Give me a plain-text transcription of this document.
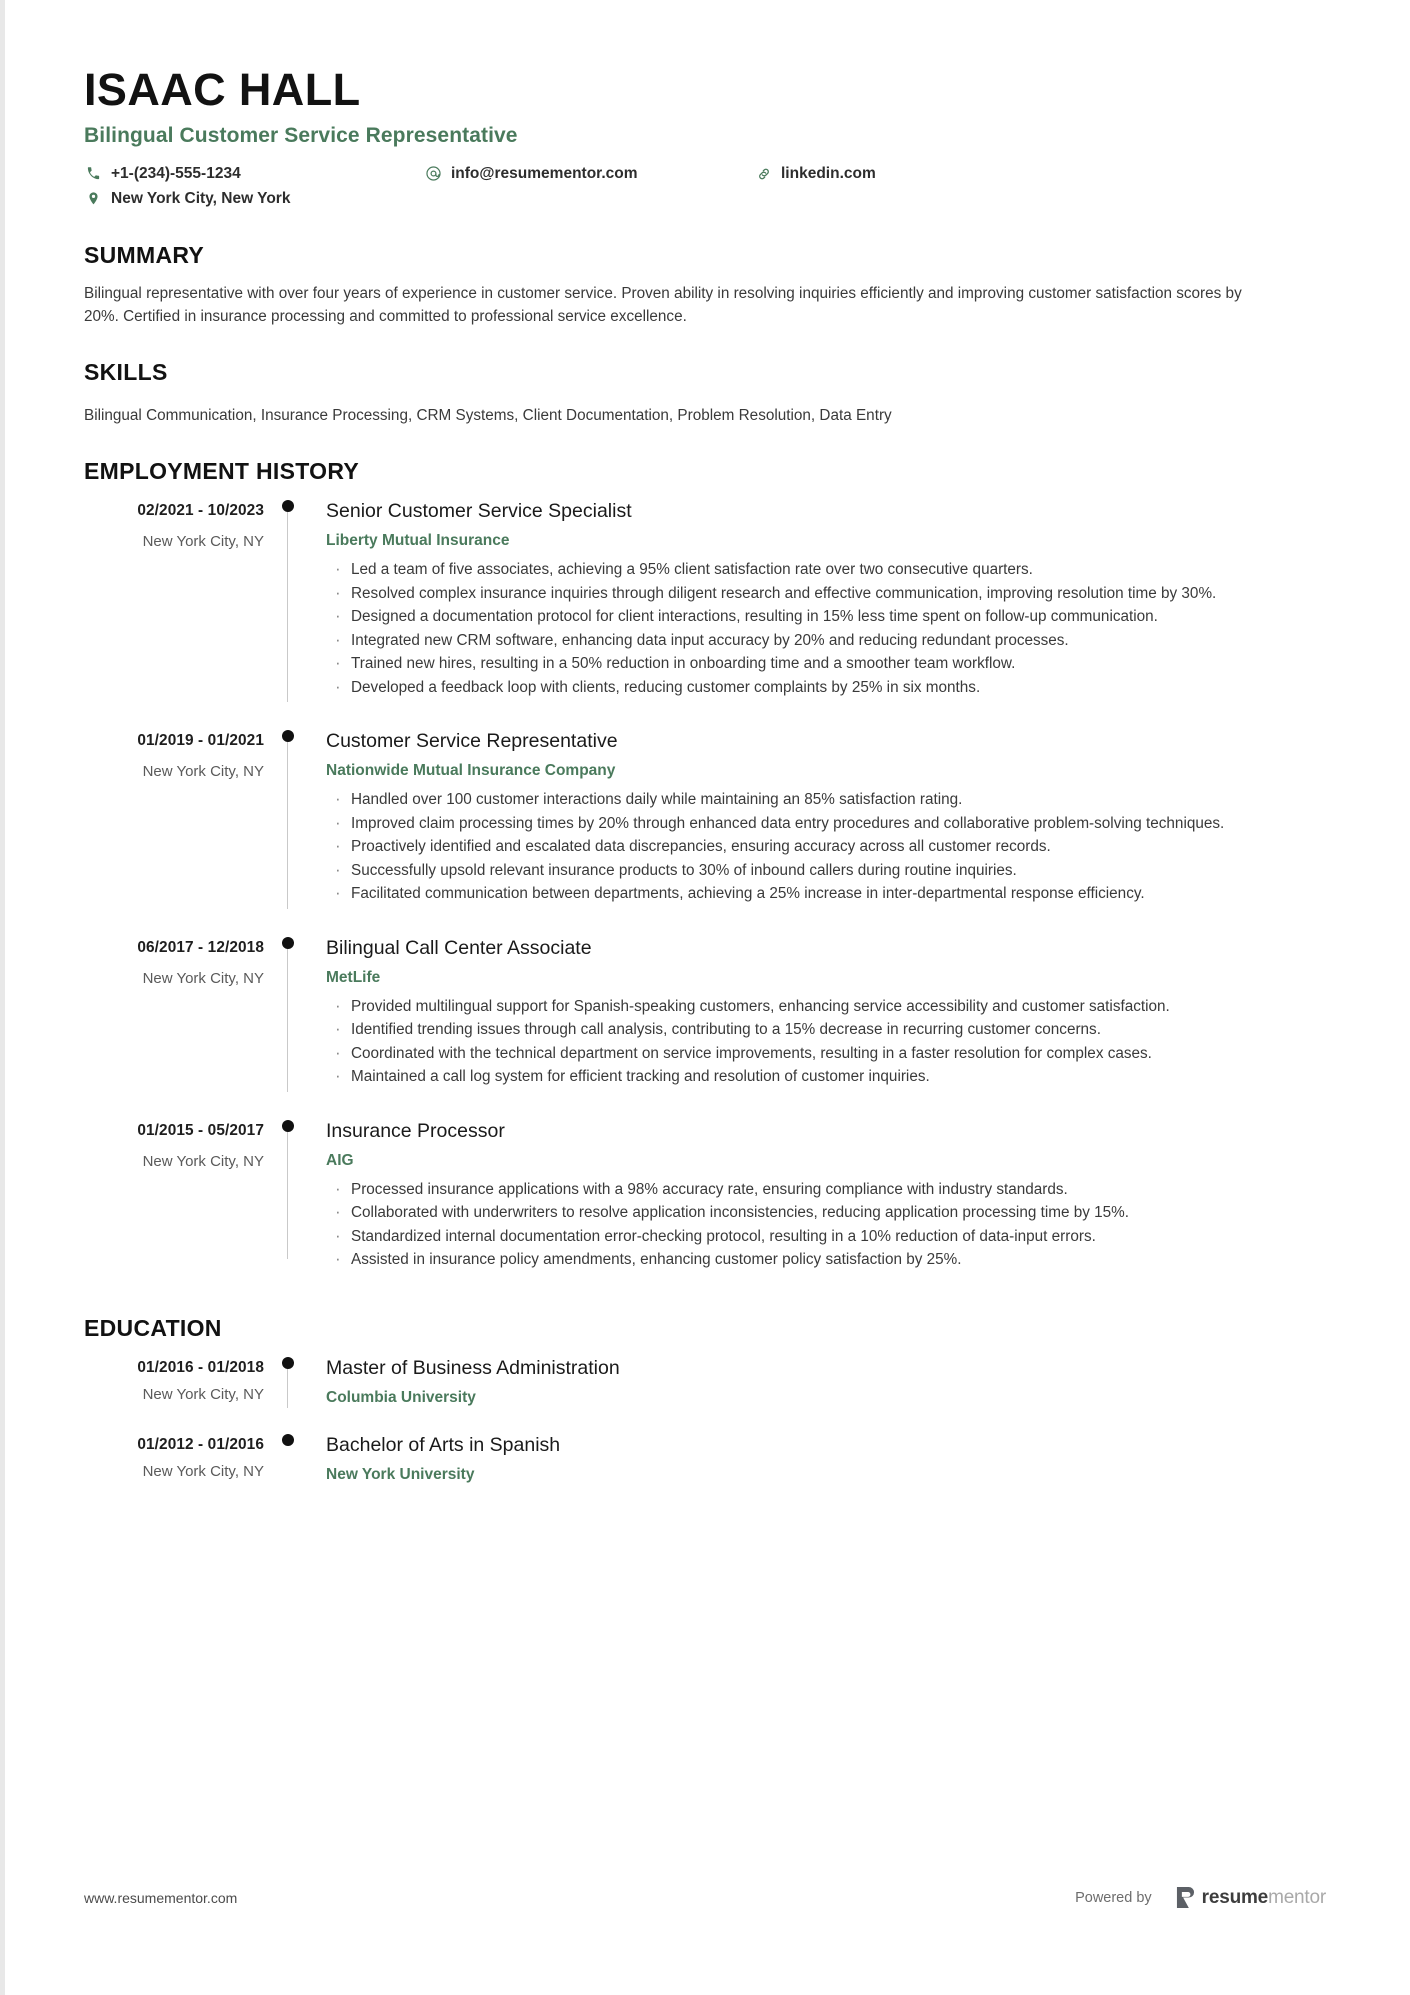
ISAAC HALL
Bilingual Customer Service Representative
+1-(234)-555-1234	info@resumementor.com	linkedin.com
New York City, New York
SUMMARY
Bilingual representative with over four years of experience in customer service. Proven ability in resolving inquiries efficiently and improving customer satisfaction scores by 20%. Certified in insurance processing and committed to professional service excellence.
SKILLS
Bilingual Communication, Insurance Processing, CRM Systems, Client Documentation, Problem Resolution, Data Entry
EMPLOYMENT HISTORY
02/2021 - 10/2023
New York City, NY
Senior Customer Service Specialist
Liberty Mutual Insurance
· Led a team of five associates, achieving a 95% client satisfaction rate over two consecutive quarters.
· Resolved complex insurance inquiries through diligent research and effective communication, improving resolution time by 30%.
· Designed a documentation protocol for client interactions, resulting in 15% less time spent on follow-up communication.
· Integrated new CRM software, enhancing data input accuracy by 20% and reducing redundant processes.
· Trained new hires, resulting in a 50% reduction in onboarding time and a smoother team workflow.
· Developed a feedback loop with clients, reducing customer complaints by 25% in six months.
01/2019 - 01/2021
New York City, NY
Customer Service Representative
Nationwide Mutual Insurance Company
· Handled over 100 customer interactions daily while maintaining an 85% satisfaction rating.
· Improved claim processing times by 20% through enhanced data entry procedures and collaborative problem-solving techniques.
· Proactively identified and escalated data discrepancies, ensuring accuracy across all customer records.
· Successfully upsold relevant insurance products to 30% of inbound callers during routine inquiries.
· Facilitated communication between departments, achieving a 25% increase in inter-departmental response efficiency.
06/2017 - 12/2018
New York City, NY
Bilingual Call Center Associate
MetLife
· Provided multilingual support for Spanish-speaking customers, enhancing service accessibility and customer satisfaction.
· Identified trending issues through call analysis, contributing to a 15% decrease in recurring customer concerns.
· Coordinated with the technical department on service improvements, resulting in a faster resolution for complex cases.
· Maintained a call log system for efficient tracking and resolution of customer inquiries.
01/2015 - 05/2017
New York City, NY
Insurance Processor
AIG
· Processed insurance applications with a 98% accuracy rate, ensuring compliance with industry standards.
· Collaborated with underwriters to resolve application inconsistencies, reducing application processing time by 15%.
· Standardized internal documentation error-checking protocol, resulting in a 10% reduction of data-input errors.
· Assisted in insurance policy amendments, enhancing customer policy satisfaction by 25%.
EDUCATION
01/2016 - 01/2018
New York City, NY
Master of Business Administration
Columbia University
01/2012 - 01/2016
New York City, NY
Bachelor of Arts in Spanish
New York University
www.resumementor.com	Powered by	resumementor
